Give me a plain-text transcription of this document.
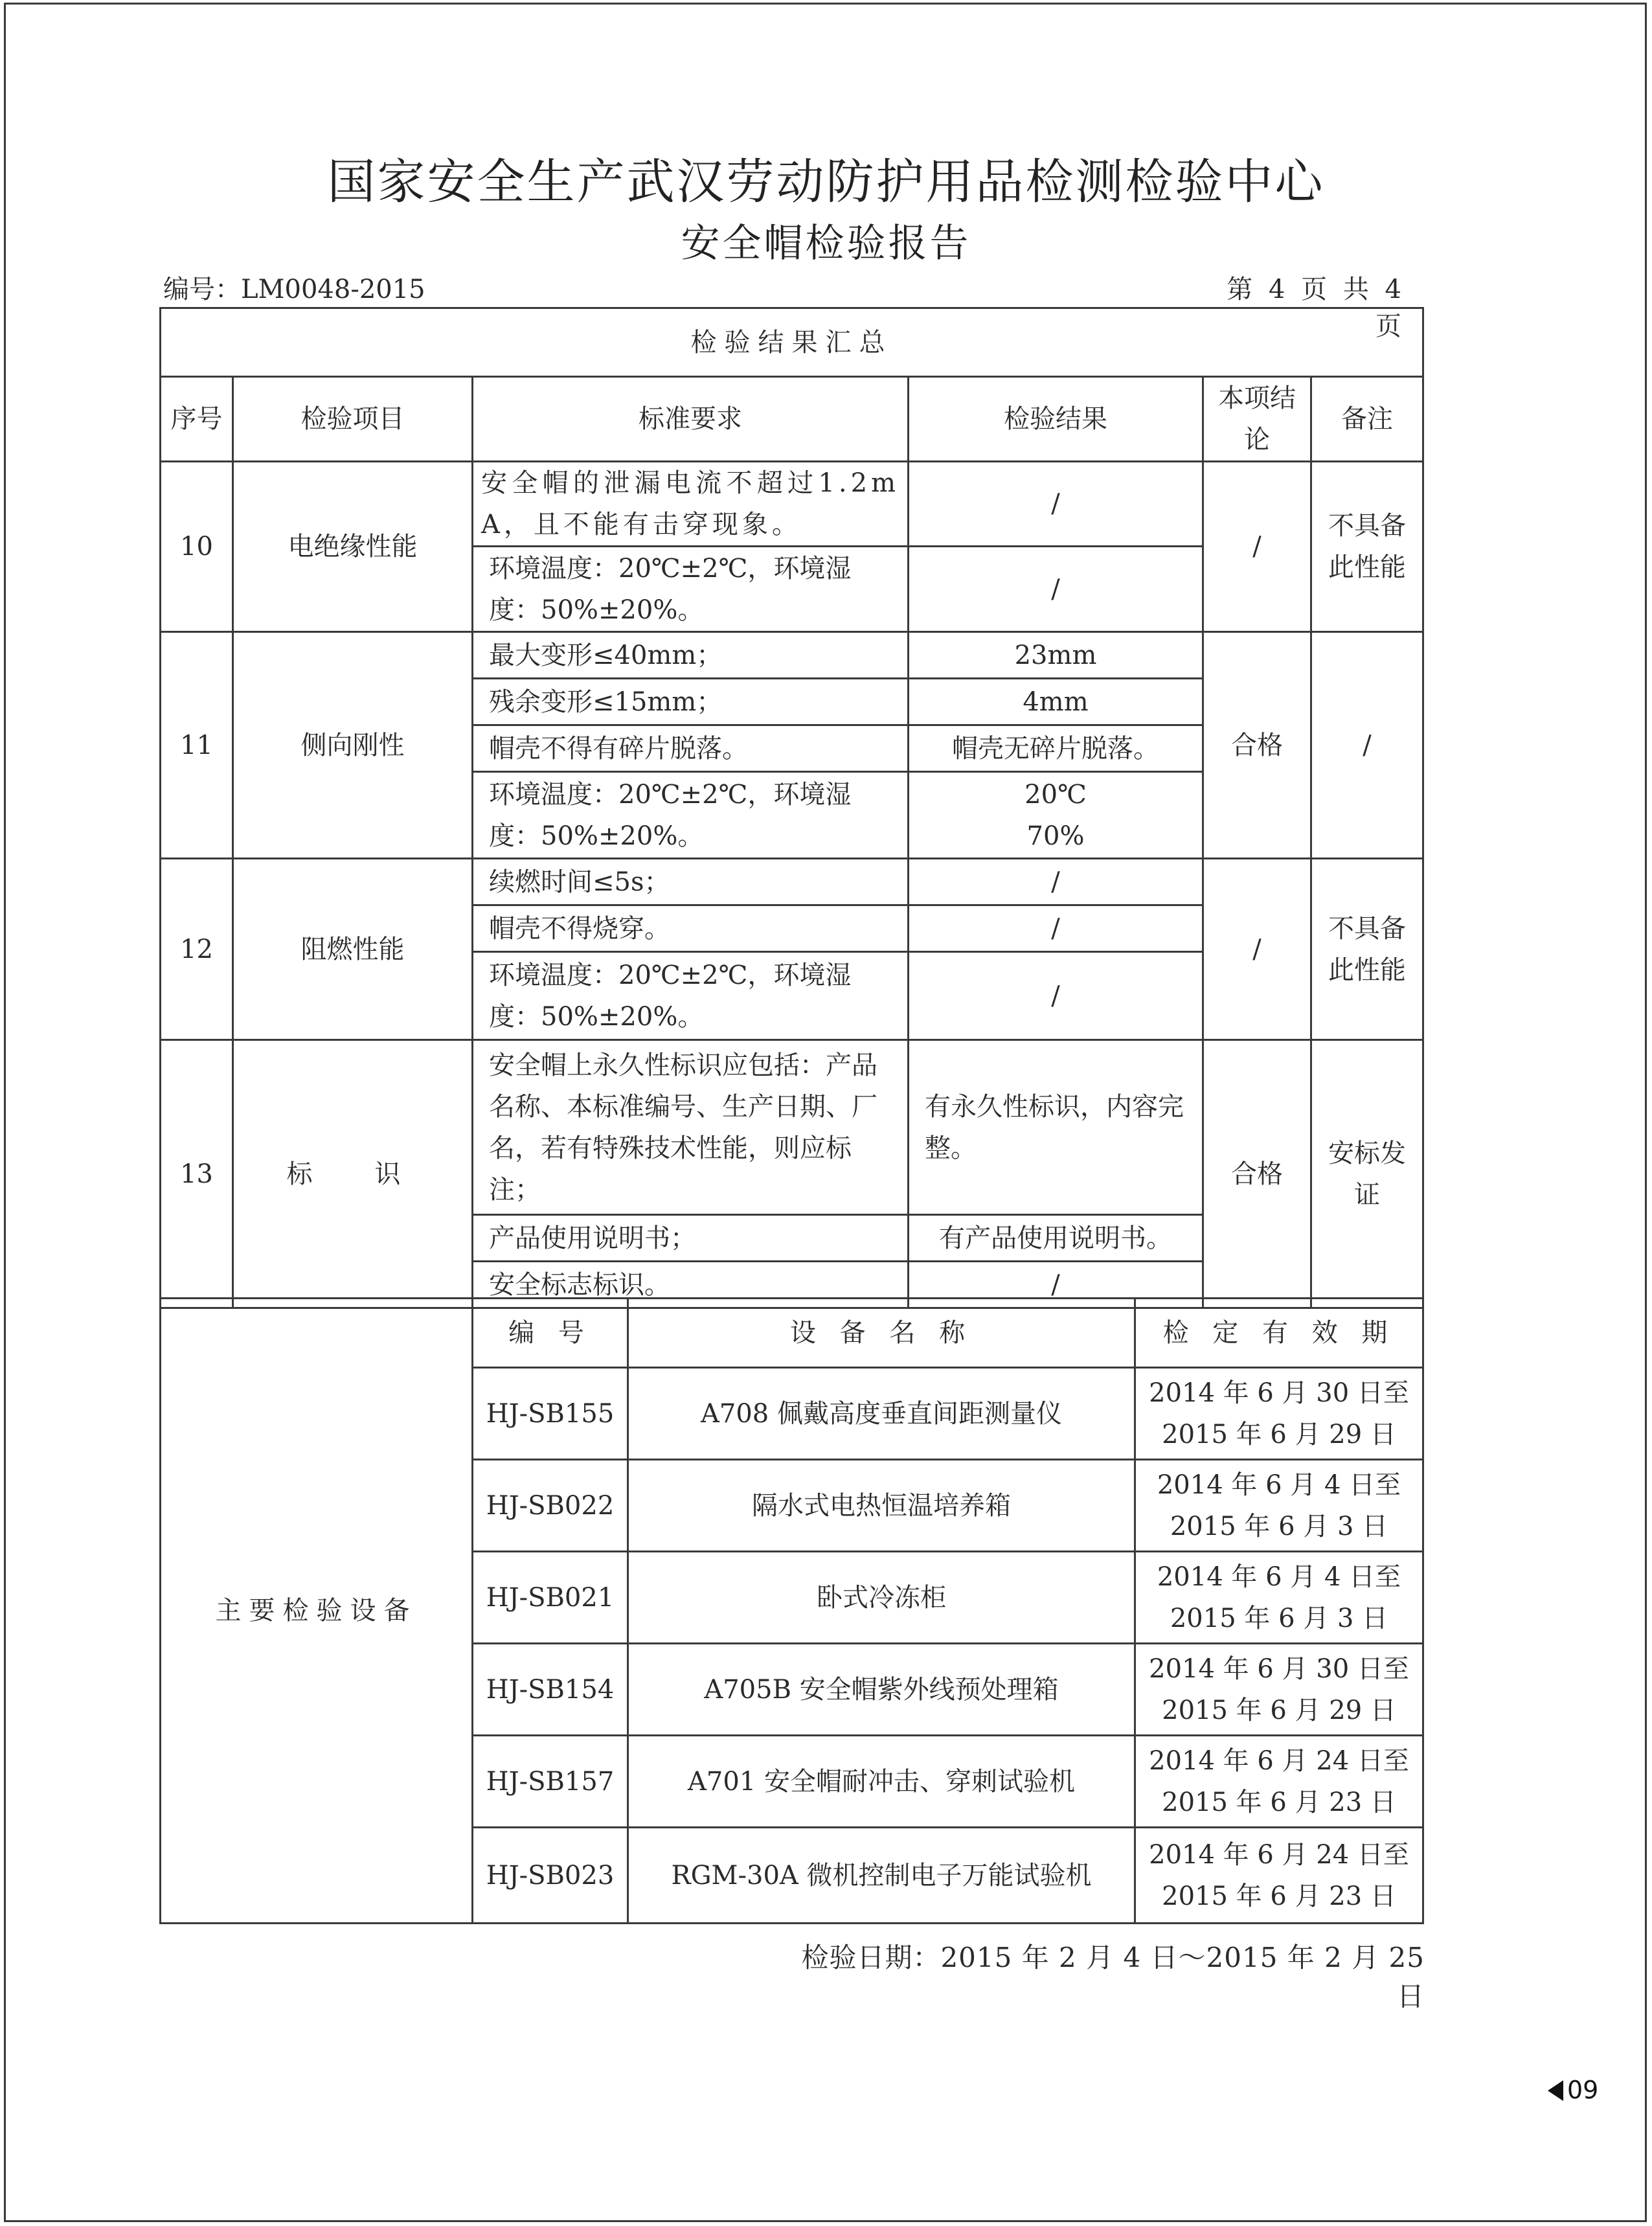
国家安全生产武汉劳动防护用品检测检验中心
安全帽检验报告
编号：LM0048-2015	第 4 页 共 4 页
检验结果汇总					
序号	检验项目	标准要求	检验结果	本项结论	备注
10	电绝缘性能	安全帽的泄漏电流不超过1.2mA，且不能有击穿现象。	/	/	不具备此性能
		环境温度：20℃±2℃，环境湿度：50%±20%。	/		
11	侧向刚性	最大变形≤40mm；	23mm	合格	/
		残余变形≤15mm；	4mm		
		帽壳不得有碎片脱落。	帽壳无碎片脱落。		
		环境温度：20℃±2℃，环境湿度：50%±20%。	20℃
70%		

12	阻燃性能	续燃时间≤5s；	/	/	不具备此性能
		帽壳不得烧穿。	/		
		环境温度：20℃±2℃，环境湿度：50%±20%。	/		
13	标　识	安全帽上永久性标识应包括：产品名称、本标准编号、生产日期、厂名，若有特殊技术性能，则应标注；	有永久性标识，内容完整。	合格	安标发证
		产品使用说明书；	有产品使用说明书。		
		安全标志标识。	/		
主要检验设备	编 号	设 备 名 称	检 定 有 效 期
	HJ-SB155	A708 佩戴高度垂直间距测量仪	2014 年 6 月 30 日至
2015 年 6 月 29 日

	HJ-SB022	隔水式电热恒温培养箱	2014 年 6 月 4 日至
2015 年 6 月 3 日

	HJ-SB021	卧式冷冻柜	2014 年 6 月 4 日至
2015 年 6 月 3 日

	HJ-SB154	A705B 安全帽紫外线预处理箱	2014 年 6 月 30 日至
2015 年 6 月 29 日

	HJ-SB157	A701 安全帽耐冲击、穿刺试验机	2014 年 6 月 24 日至
2015 年 6 月 23 日

	HJ-SB023	RGM-30A 微机控制电子万能试验机	2014 年 6 月 24 日至
2015 年 6 月 23 日
检验日期：2015 年 2 月 4 日～2015 年 2 月 25 日
09
